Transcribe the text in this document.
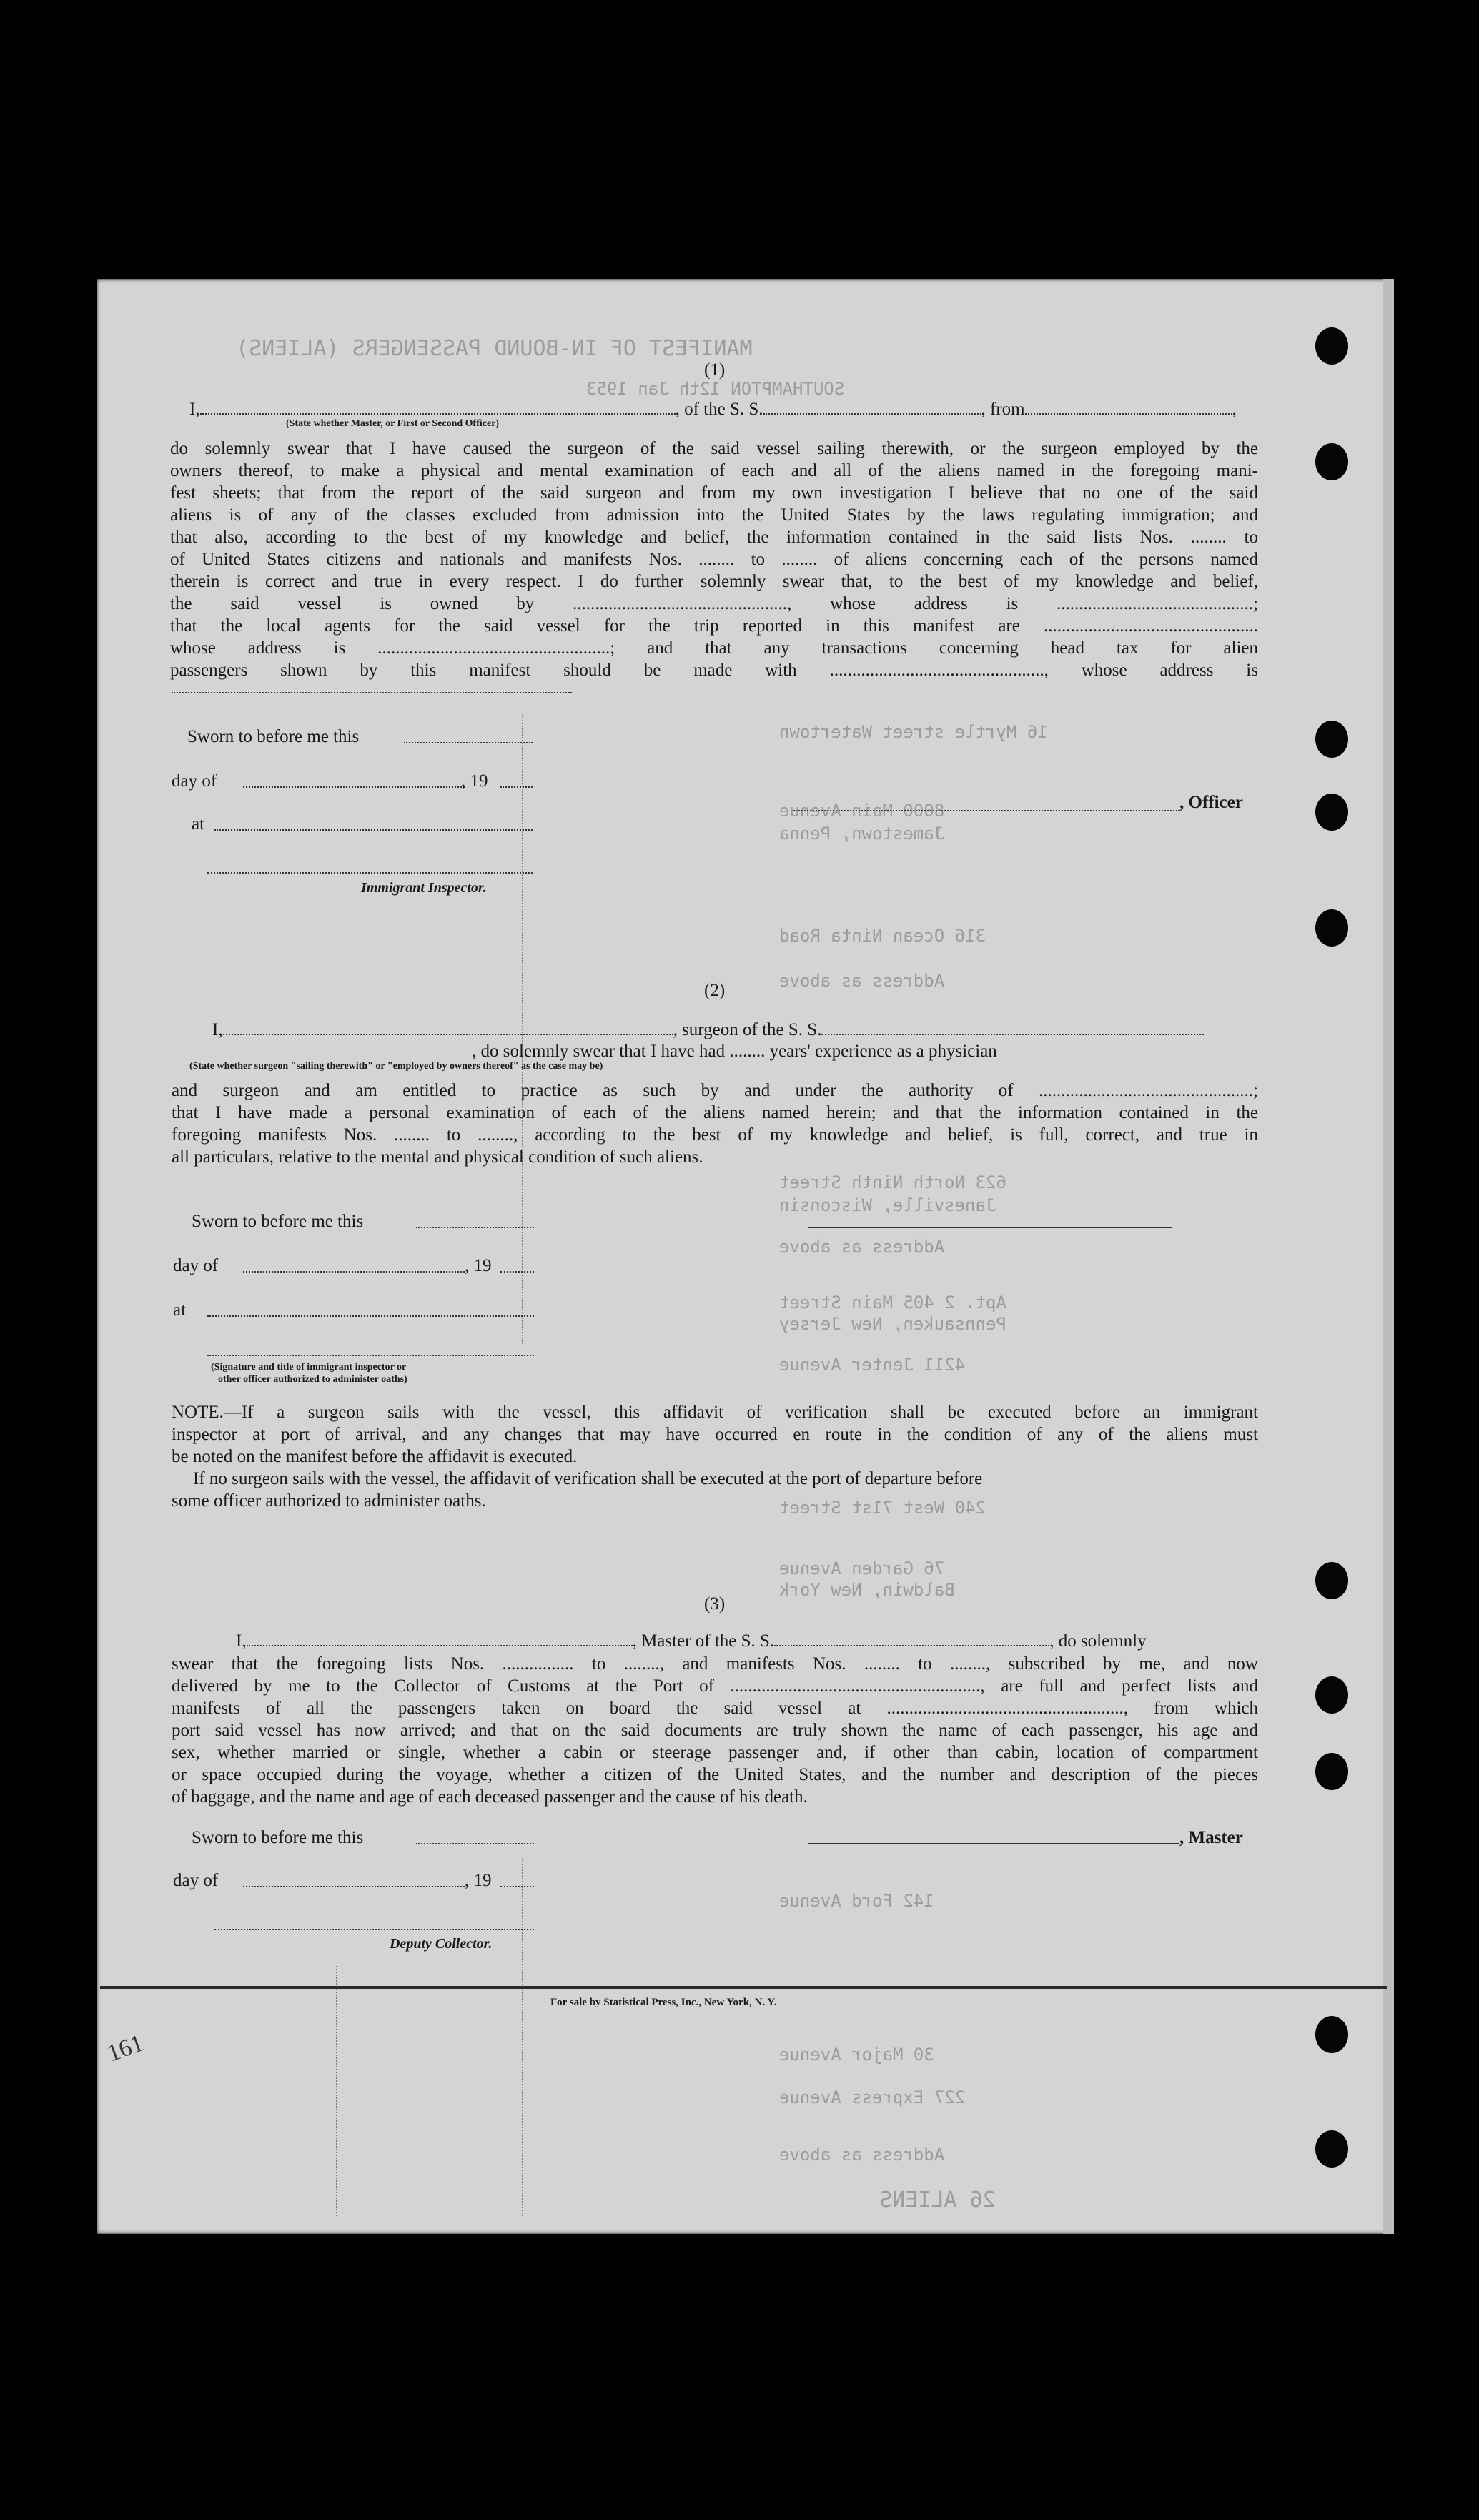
MANIFEST OF IN-BOUND PASSENGERS (ALIENS)
SOUTHAMPTON 12th Jan 1953
16 Myrtle street Watertown
8000 Main Avenue
Jamestown, Penna
316 Ocean Ninta Road
Address as above
623 North Ninth Street
Janesville, Wisconsin
Address as above
Apt. 2 405 Main Street
Pennsauken, New Jersey
4211 Jenter Avenue
240 West 71st Street
76 Garden Avenue
Baldwin, New York
142 Ford Avenue
30 Major Avenue
227 Express Avenue
Address as above
26 ALIENS
(1)
I,	, of the S. S.	, from	,
(State whether Master, or First or Second Officer)
do solemnly swear that I have caused the surgeon of the said vessel sailing therewith, or the surgeon employed by the
owners thereof, to make a physical and mental examination of each and all of the aliens named in the foregoing mani-
fest sheets; that from the report of the said surgeon and from my own investigation I believe that no one of the said
aliens is of any of the classes excluded from admission into the United States by the laws regulating immigration; and
that also, according to the best of my knowledge and belief, the information contained in the said lists Nos. ........ to
of United States citizens and nationals and manifests Nos. ........ to ........ of aliens concerning each of the persons named
therein is correct and true in every respect. I do further solemnly swear that, to the best of my knowledge and belief,
the said vessel is owned by ................................................, whose address is ............................................;
that the local agents for the said vessel for the trip reported in this manifest are ................................................
whose address is ....................................................; and that any transactions concerning head tax for alien
passengers shown by this manifest should be made with ................................................, whose address is
Sworn to before me this
day of	, 19
at
Immigrant Inspector.
, Officer
(2)
I,	, surgeon of the S. S.
, do solemnly swear that I have had ........ years' experience as a physician
(State whether surgeon "sailing therewith" or "employed by owners thereof" as the case may be)
and surgeon and am entitled to practice as such by and under the authority of ................................................;
that I have made a personal examination of each of the aliens named herein; and that the information contained in the
foregoing manifests Nos. ........ to ........, according to the best of my knowledge and belief, is full, correct, and true in
all particulars, relative to the mental and physical condition of such aliens.
Sworn to before me this
day of	, 19
at
(Signature and title of immigrant inspector or
other officer authorized to administer oaths)
NOTE.—If a surgeon sails with the vessel, this affidavit of verification shall be executed before an immigrant
inspector at port of arrival, and any changes that may have occurred en route in the condition of any of the aliens must
be noted on the manifest before the affidavit is executed.
If no surgeon sails with the vessel, the affidavit of verification shall be executed at the port of departure before
some officer authorized to administer oaths.
(3)
I,	, Master of the S. S.	, do solemnly
swear that the foregoing lists Nos. ................ to ........, and manifests Nos. ........ to ........, subscribed by me, and now
delivered by me to the Collector of Customs at the Port of ........................................................, are full and perfect lists and
manifests of all the passengers taken on board the said vessel at ....................................................., from which
port said vessel has now arrived; and that on the said documents are truly shown the name of each passenger, his age and
sex, whether married or single, whether a cabin or steerage passenger and, if other than cabin, location of compartment
or space occupied during the voyage, whether a citizen of the United States, and the number and description of the pieces
of baggage, and the name and age of each deceased passenger and the cause of his death.
Sworn to before me this
day of	, 19
Deputy Collector.
, Master
For sale by Statistical Press, Inc., New York, N. Y.
161
